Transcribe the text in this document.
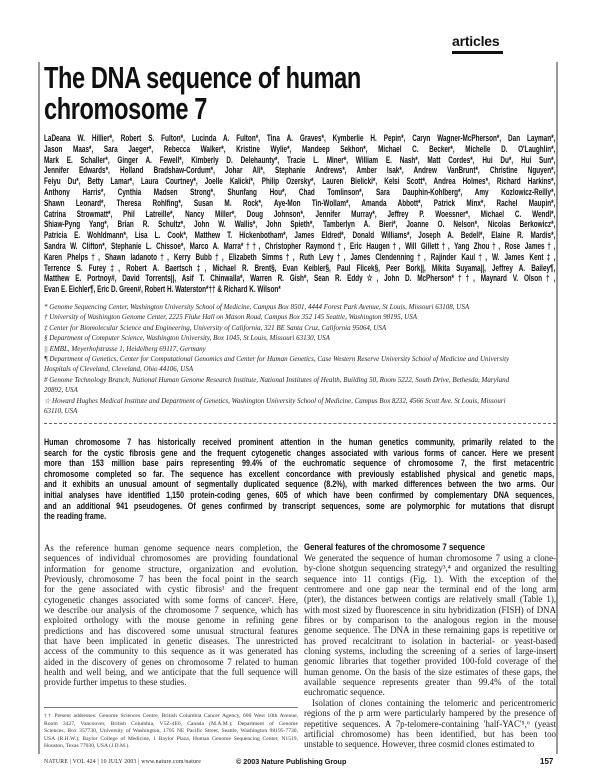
articles
The DNA sequence of human
chromosome 7
LaDeana W. Hillier*, Robert S. Fulton*, Lucinda A. Fulton*, Tina A. Graves*, Kymberlie H. Pepin*, Caryn Wagner-McPherson*, Dan Layman*,
Jason Maas*, Sara Jaeger*, Rebecca Walker*, Kristine Wylie*, Mandeep Sekhon*, Michael C. Becker*, Michelle D. O'Laughlin*,
Mark E. Schaller*, Ginger A. Fewell*, Kimberly D. Delehaunty*, Tracie L. Miner*, William E. Nash*, Matt Cordes*, Hui Du*, Hui Sun*,
Jennifer Edwards*, Holland Bradshaw-Cordum*, Johar Ali*, Stephanie Andrews*, Amber Isak*, Andrew VanBrunt*, Christine Nguyen*,
Feiyu Du*, Betty Lamar*, Laura Courtney*, Joelle Kalicki*, Philip Ozersky*, Lauren Bielicki*, Kelsi Scott*, Andrea Holmes*, Richard Harkins*,
Anthony Harris*, Cynthia Madsen Strong*, Shunfang Hou*, Chad Tomlinson*, Sara Dauphin-Kohlberg*, Amy Kozlowicz-Reilly*,
Shawn Leonard*, Theresa Rohlfing*, Susan M. Rock*, Aye-Mon Tin-Wollam*, Amanda Abbott*, Patrick Minx*, Rachel Maupin*,
Catrina Strowmatt*, Phil Latreille*, Nancy Miller*, Doug Johnson*, Jennifer Murray*, Jeffrey P. Woessner*, Michael C. Wendl*,
Shiaw-Pyng Yang*, Brian R. Schultz*, John W. Wallis*, John Spieth*, Tamberlyn A. Bieri*, Joanne O. Nelson*, Nicolas Berkowicz*,
Patricia E. Wohldmann*, Lisa L. Cook*, Matthew T. Hickenbotham*, James Eldred*, Donald Williams*, Joseph A. Bedell*, Elaine R. Mardis*,
Sandra W. Clifton*, Stephanie L. Chissoe*, Marco A. Marra*††, Christopher Raymond†, Eric Haugen†, Will Gillett†, Yang Zhou†, Rose James†,
Karen Phelps†, Shawn Iadanoto†, Kerry Bubb†, Elizabeth Simms†, Ruth Levy†, James Clendenning†, Rajinder Kaul†, W. James Kent‡,
Terrence S. Furey‡, Robert A. Baertsch‡, Michael R. Brent§, Evan Keibler§, Paul Flicek§, Peer Bork||, Mikita Suyama||, Jeffrey A. Bailey¶,
Matthew E. Portnoy#, David Torrents||, Asif T. Chinwalla*, Warren R. Gish*, Sean R. Eddy☆, John D. McPherson*††, Maynard V. Olson†,
Evan E. Eichler¶, Eric D. Green#, Robert H. Waterston*†† & Richard K. Wilson*
* Genome Sequencing Center, Washington University School of Medicine, Campus Box 8501, 4444 Forest Park Avenue, St Louis, Missouri 63108, USA
† University of Washington Genome Center, 2225 Fluke Hall on Mason Road, Campus Box 352 145 Seattle, Washington 98195, USA
‡ Center for Biomolecular Science and Engineering, University of California, 321 BE Santa Cruz, California 95064, USA
§ Department of Computer Science, Washington University, Box 1045, St Louis, Missouri 63130, USA
|| EMBL, Meyerhofstrasse 1, Heidelberg 69117, Germany
¶ Department of Genetics, Center for Computational Genomics and Center for Human Genetics, Case Western Reserve University School of Medicine and University
Hospitals of Cleveland, Cleveland, Ohio 44106, USA
# Genome Technology Branch, National Human Genome Research Institute, National Institutes of Health, Building 50, Room 5222, South Drive, Bethesda, Maryland
20892, USA
☆ Howard Hughes Medical Institute and Department of Genetics, Washington University School of Medicine, Campus Box 8232, 4566 Scott Ave. St Louis, Missouri
63110, USA
Human chromosome 7 has historically received prominent attention in the human genetics community, primarily related to the
search for the cystic fibrosis gene and the frequent cytogenetic changes associated with various forms of cancer. Here we present
more than 153 million base pairs representing 99.4% of the euchromatic sequence of chromosome 7, the first metacentric
chromosome completed so far. The sequence has excellent concordance with previously established physical and genetic maps,
and it exhibits an unusual amount of segmentally duplicated sequence (8.2%), with marked differences between the two arms. Our
initial analyses have identified 1,150 protein-coding genes, 605 of which have been confirmed by complementary DNA sequences,
and an additional 941 pseudogenes. Of genes confirmed by transcript sequences, some are polymorphic for mutations that disrupt
the reading frame.
As the reference human genome sequence nears completion, the
sequences of individual chromosomes are providing foundational
information for genome structure, organization and evolution.
Previously, chromosome 7 has been the focal point in the search
for the gene associated with cystic fibrosis¹ and the frequent
cytogenetic changes associated with some forms of cancer². Here,
we describe our analysis of the chromosome 7 sequence, which has
exploited orthology with the mouse genome in refining gene
predictions and has discovered some unusual structural features
that have been implicated in genetic diseases. The unrestricted
access of the community to this sequence as it was generated has
aided in the discovery of genes on chromosome 7 related to human
health and well being, and we anticipate that the full sequence will
provide further impetus to these studies.
General features of the chromosome 7 sequence
We generated the sequence of human chromosome 7 using a clone-
by-clone shotgun sequencing strategy³,⁴ and organized the resulting
sequence into 11 contigs (Fig. 1). With the exception of the
centromere and one gap near the terminal end of the long arm
(pter), the distances between contigs are relatively small (Table 1),
with most sized by fluorescence in situ hybridization (FISH) of DNA
fibres or by comparison to the analogous region in the mouse
genome sequence. The DNA in these remaining gaps is repetitive or
has proved recalcitrant to isolation in bacterial- or yeast-based
cloning systems, including the screening of a series of large-insert
genomic libraries that together provided 100-fold coverage of the
human genome. On the basis of the size estimates of these gaps, the
available sequence represents greater than 99.4% of the total
euchromatic sequence.
Isolation of clones containing the telomeric and pericentromeric
regions of the p arm were particularly hampered by the presence of
repetitive sequences. A 7p-telomere-containing 'half-YAC'⁵,⁶ (yeast
artificial chromosome) has been identified, but has been too
unstable to sequence. However, three cosmid clones estimated to
†† Present addresses: Genome Sciences Centre, British Columbia Cancer Agency, 600 West 10th Avenue,
Room 3427, Vancouver, British Columbia, V5Z-4E6, Canada (M.A.M.); Department of Genome
Sciences, Box 357730, University of Washington, 1705 NE Pacific Street, Seattle, Washington 98195-7730,
USA (R.H.W.); Baylor College of Medicine, 1 Baylor Plaza, Human Genome Sequencing Center, N1519,
Houston, Texas 77030, USA (J.D.M.).
NATURE | VOL 424 | 10 JULY 2003 | www.nature.com/nature	© 2003 Nature Publishing Group	157
